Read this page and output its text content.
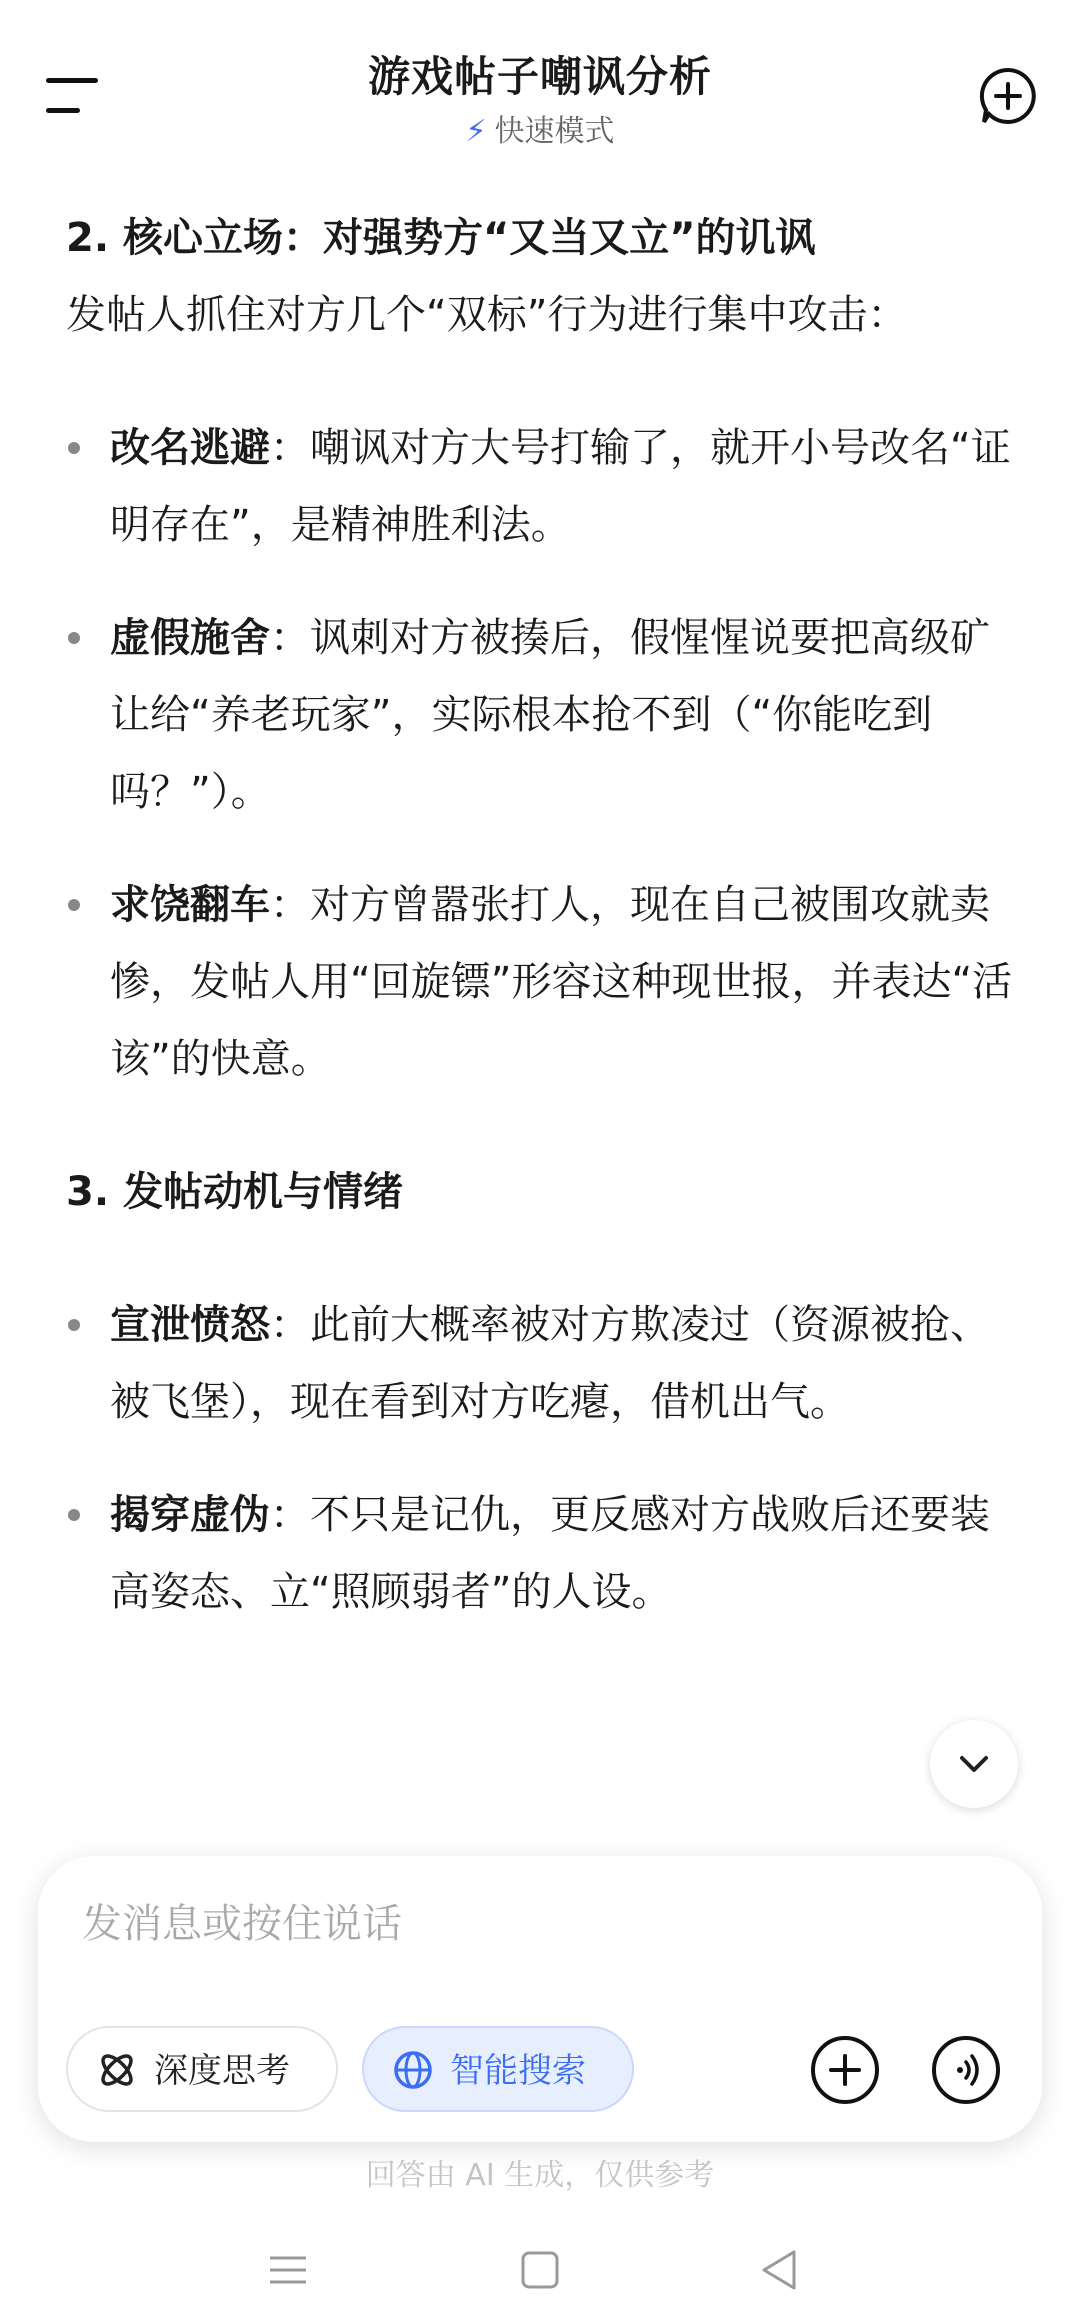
游戏帖子嘲讽分析
⚡ 快速模式

2. 核心立场：对强势方“又当又立”的讥讽

发帖人抓住对方几个“双标”行为进行集中攻击：

改名逃避：嘲讽对方大号打输了，就开小号改名“证明存在”，是精神胜利法。
虚假施舍：讽刺对方被揍后，假惺惺说要把高级矿让给“养老玩家”，实际根本抢不到（“你能吃到吗？”）。
求饶翻车：对方曾嚣张打人，现在自己被围攻就卖惨，发帖人用“回旋镖”形容这种现世报，并表达“活该”的快意。

3. 发帖动机与情绪

宣泄愤怒：此前大概率被对方欺凌过（资源被抢、被飞堡），现在看到对方吃瘪，借机出气。
揭穿虚伪：不只是记仇，更反感对方战败后还要装高姿态、立“照顾弱者”的人设。
发消息或按住说话
深度思考	智能搜索
回答由 AI 生成，仅供参考
